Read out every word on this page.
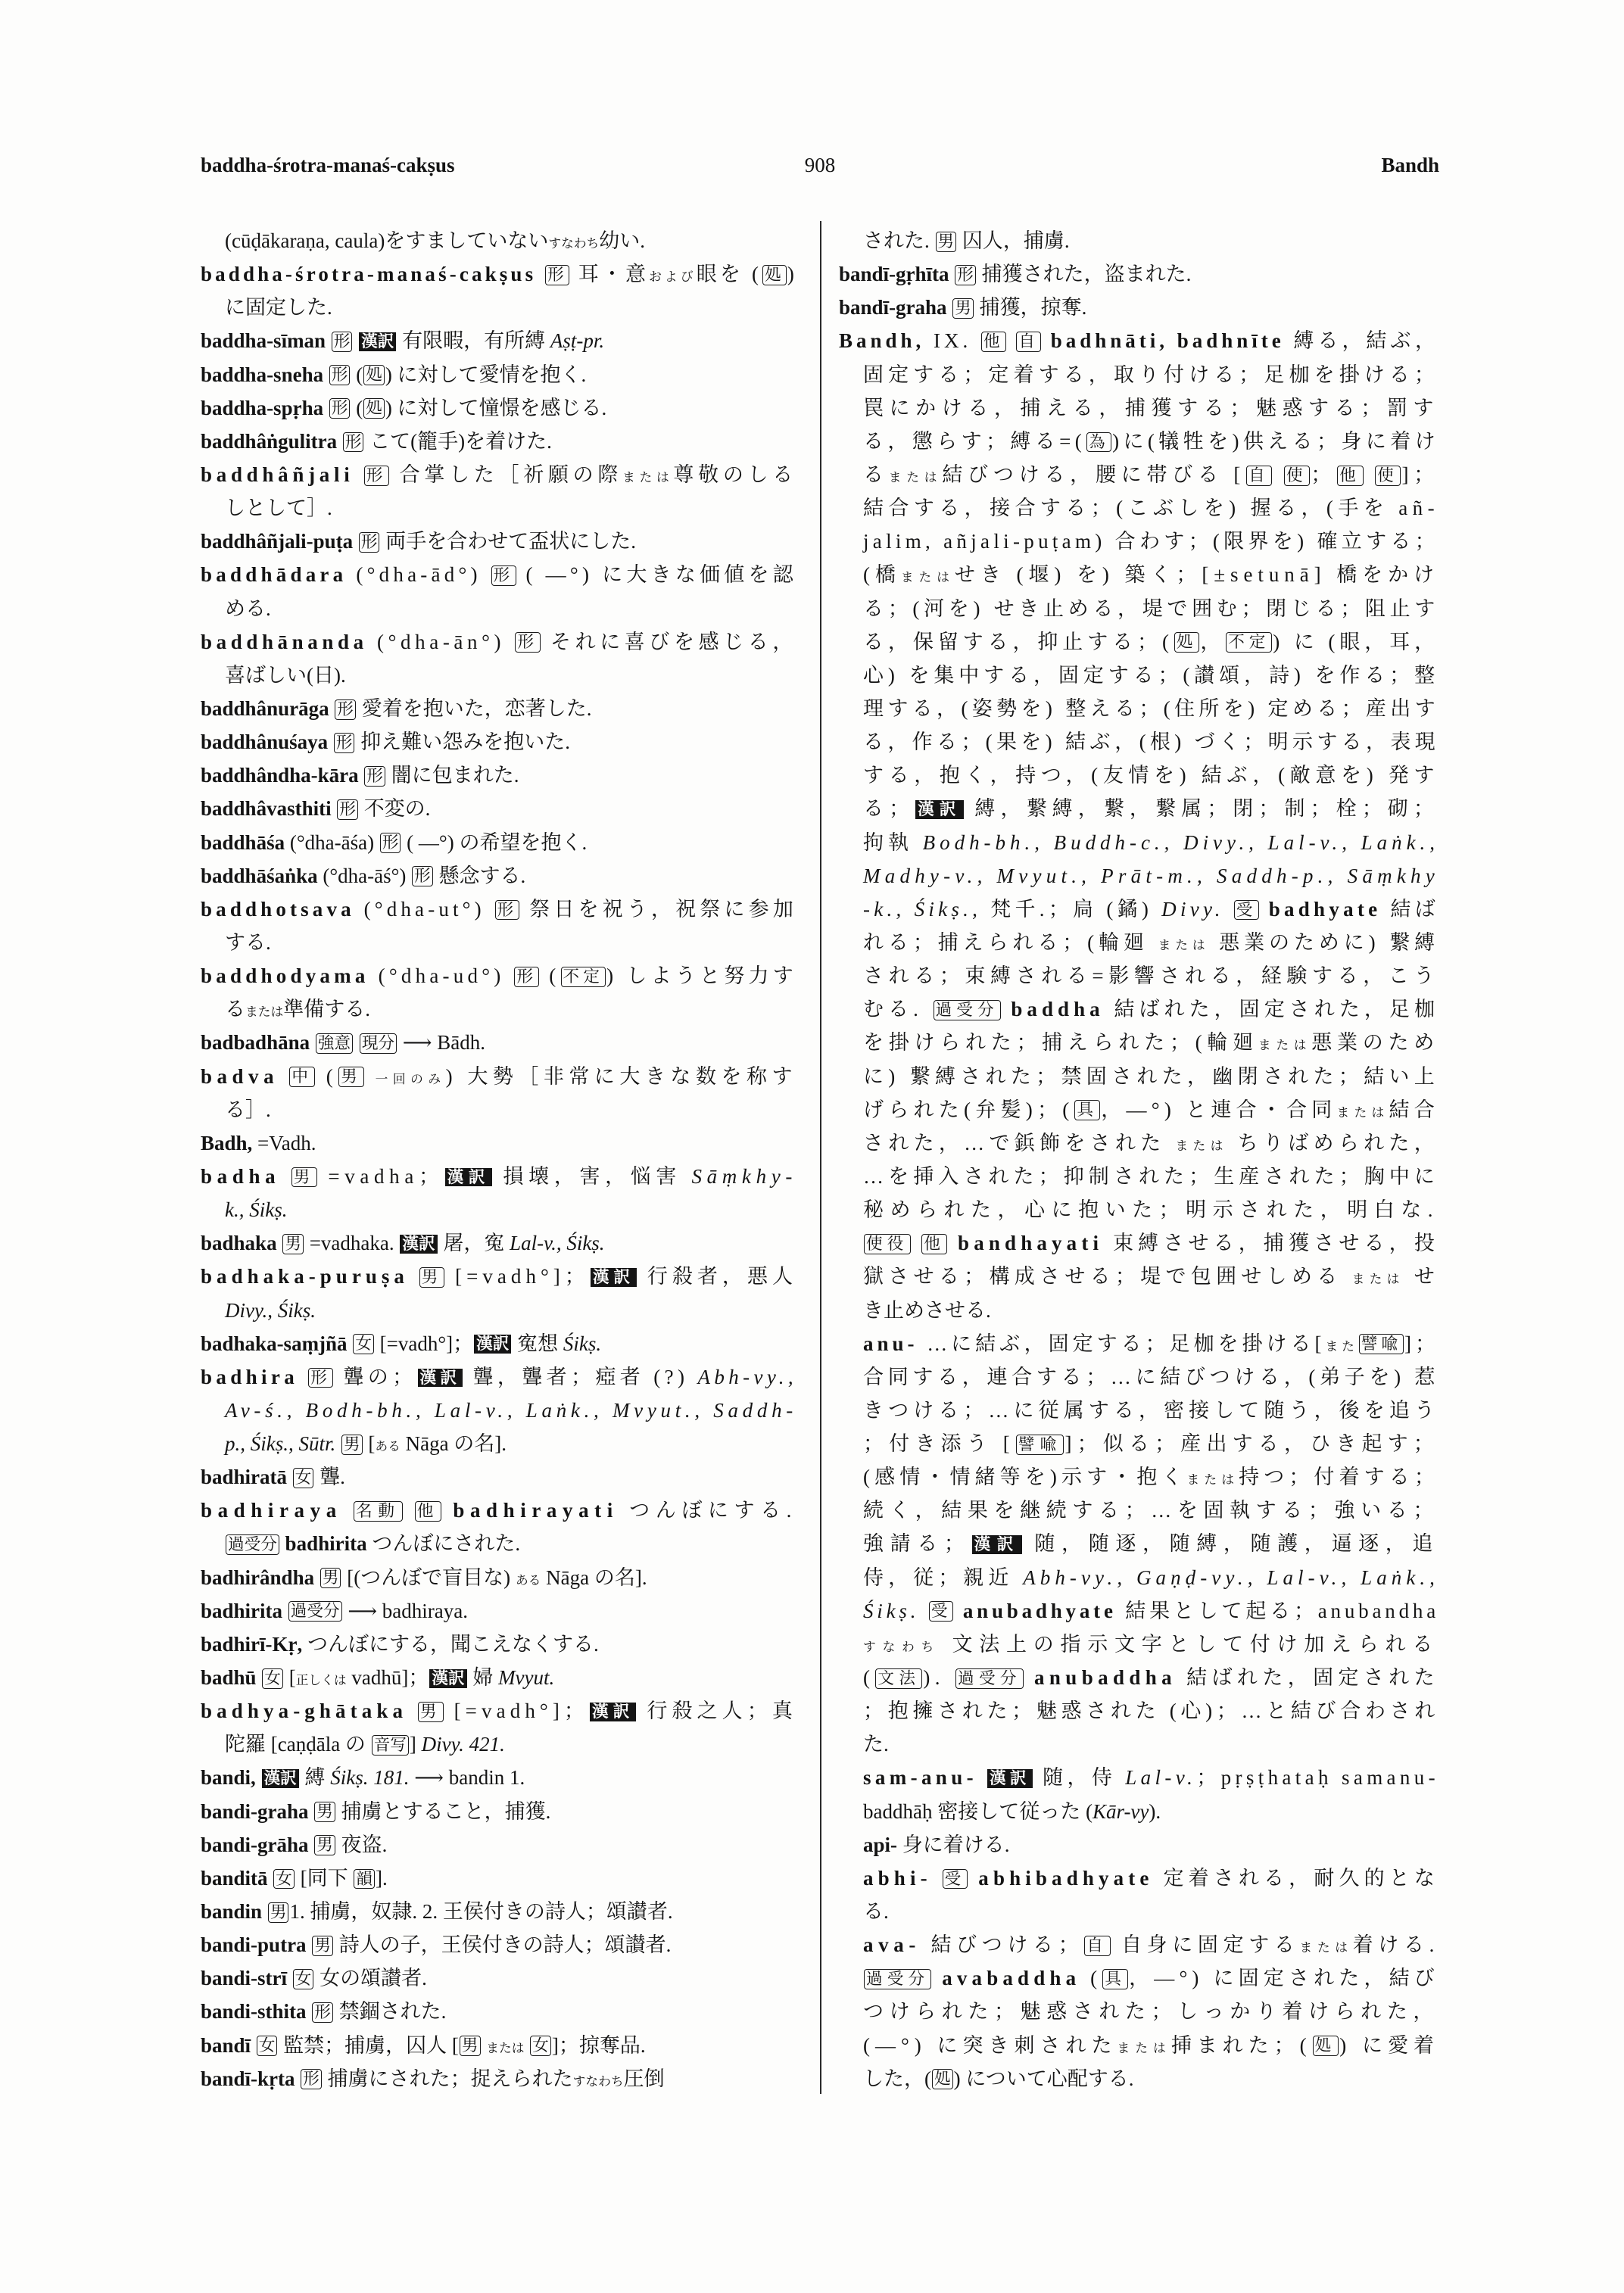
baddha-śrotra-manaś-cakṣus	908	Bandh
(cūḍākaraṇa, caula)をすましていないすなわち幼い.
baddha-śrotra-manaś-cakṣus 形 耳・意および眼を ( 処 )
に固定した.
baddha-sīman 形 漢訳 有限暇，有所縛 Aṣṭ-pr.
baddha-sneha 形 ( 処 ) に対して愛情を抱く.
baddha-spṛha 形 ( 処 ) に対して憧憬を感じる.
baddhâṅgulitra 形 こて(籠手)を着けた.
baddhâñjali 形 合掌した［祈願の際または尊敬のしる
しとして］.
baddhâñjali-puṭa 形 両手を合わせて盃状にした.
baddhādara (°dha-ād°) 形 ( ―°) に大きな価値を認
める.
baddhānanda (°dha-ān°) 形 それに喜びを感じる，
喜ばしい(日).
baddhânurāga 形 愛着を抱いた，恋著した.
baddhânuśaya 形 抑え難い怨みを抱いた.
baddhândha-kāra 形 闇に包まれた.
baddhâvasthiti 形 不変の.
baddhāśa (°dha-āśa) 形 ( ―°) の希望を抱く.
baddhāśaṅka (°dha-āś°) 形 懸念する.
baddhotsava (°dha-ut°) 形 祭日を祝う，祝祭に参加
する.
baddhodyama (°dha-ud°) 形 ( 不定 ) しようと努力す
るまたは準備する.
badbadhāna 強意 現分 ⟶ Bādh.
badva 中 ( 男 一回のみ) 大勢［非常に大きな数を称す
る］.
Badh, =Vadh.
badha 男 =vadha； 漢訳 損壊，害，悩害 Sāṃkhy-
k., Śikṣ.
badhaka 男 =vadhaka. 漢訳 屠，寃 Lal-v., Śikṣ.
badhaka-puruṣa 男 [=vadh°]； 漢訳 行殺者，悪人
Divy., Śikṣ.
badhaka-saṃjñā 女 [=vadh°]； 漢訳 寃想 Śikṣ.
badhira 形 聾の； 漢訳 聾，聾者；瘂者 (?) Abh-vy.,
Av-ś., Bodh-bh., Lal-v., Laṅk., Mvyut., Saddh-
p., Śikṣ., Sūtr. 男 [ある Nāga の名].
badhiratā 女 聾.
badhiraya 名動 他 badhirayati つんぼにする.
過受分 badhirita つんぼにされた.
badhirândha 男 [(つんぼで盲目な) ある Nāga の名].
badhirita 過受分 ⟶ badhiraya.
badhirī-Kṛ, つんぼにする，聞こえなくする.
badhū 女 [正しくは vadhū]； 漢訳 婦 Mvyut.
badhya-ghātaka 男 [=vadh°]； 漢訳 行殺之人；真
陀羅 [caṇḍāla の 音写 ] Divy. 421.
bandi, 漢訳 縛 Śikṣ. 181. ⟶ bandin 1.
bandi-graha 男 捕虜とすること，捕獲.
bandi-grāha 男 夜盗.
banditā 女 [同下 韻 ].
bandin 男 1. 捕虜，奴隷. 2. 王侯付きの詩人；頌讃者.
bandi-putra 男 詩人の子，王侯付きの詩人；頌讃者.
bandi-strī 女 女の頌讃者.
bandi-sthita 形 禁錮された.
bandī 女 監禁；捕虜，囚人 [ 男 または 女 ]；掠奪品.
bandī-kṛta 形 捕虜にされた；捉えられたすなわち圧倒
された. 男 囚人，捕虜.
bandī-gṛhīta 形 捕獲された，盗まれた.
bandī-graha 男 捕獲，掠奪.
Bandh, IX. 他 自 badhnāti, badhnīte 縛る，結ぶ，
固定する；定着する，取り付ける；足枷を掛ける；
罠にかける，捕える，捕獲する；魅惑する；罰す
る，懲らす；縛る=( 為 )に(犠牲を)供える；身に着け
るまたは結びつける，腰に帯びる [ 自 使 ； 他 使 ]；
結合する，接合する；(こぶしを) 握る，(手を añ-
jalim, añjali-puṭam) 合わす；(限界を) 確立する；
(橋またはせき (堰) を) 築く；[±setunā] 橋をかけ
る；(河を) せき止める，堤で囲む；閉じる；阻止す
る，保留する，抑止する；( 処 ， 不定 ) に (眼，耳，
心) を集中する，固定する；(讃頌，詩) を作る；整
理する，(姿勢を) 整える；(住所を) 定める；産出す
る，作る；(果を) 結ぶ，(根) づく；明示する，表現
する，抱く，持つ，(友情を) 結ぶ，(敵意を) 発す
る； 漢訳 縛，繋縛，繋，繋属；閉；制；栓；砌；
拘執 Bodh-bh., Buddh-c., Divy., Lal-v., Laṅk.,
Madhy-v., Mvyut., Prāt-m., Saddh-p., Sāṃkhy
-k., Śikṣ., 梵千.；扃 (鐍) Divy. 受 badhyate 結ば
れる；捕えられる；(輪廻 または 悪業のために) 繋縛
される；束縛される=影響される，経験する，こう
むる. 過受分 baddha 結ばれた，固定された，足枷
を掛けられた；捕えられた；(輪廻または悪業のため
に) 繋縛された；禁固された，幽閉された；結い上
げられた(弁髪)；( 具 ，―°) と連合・合同または結合
された，…で鋲飾をされた または ちりばめられた，
…を挿入された；抑制された；生産された；胸中に
秘められた，心に抱いた；明示された，明白な.
使役 他 bandhayati 束縛させる，捕獲させる，投
獄させる；構成させる；堤で包囲せしめる または せ
き止めさせる.
anu- …に結ぶ，固定する；足枷を掛ける[また 譬喩 ]；
合同する，連合する；…に結びつける，(弟子を) 惹
きつける；…に従属する，密接して随う，後を追う
；付き添う [ 譬喩 ]；似る；産出する，ひき起す；
(感情・情緒等を)示す・抱くまたは持つ；付着する；
続く，結果を継続する；…を固執する；強いる；
強請る； 漢訳 随，随逐，随縛，随護，逼逐，追
侍，従；親近 Abh-vy., Gaṇḍ-vy., Lal-v., Laṅk.,
Śikṣ. 受 anubadhyate 結果として起る；anubandha
すなわち 文法上の指示文字として付け加えられる
( 文法 ). 過受分 anubaddha 結ばれた，固定された
；抱擁された；魅惑された (心)；…と結び合わされ
た.
sam-anu- 漢訳 随，侍 Lal-v.；pṛṣṭhataḥ samanu-
baddhāḥ 密接して従った (Kār-vy).
api- 身に着ける.
abhi- 受 abhibadhyate 定着される，耐久的とな
る.
ava- 結びつける； 自 自身に固定するまたは着ける.
過受分 avabaddha ( 具 ，―°) に固定された，結び
つけられた；魅惑された；しっかり着けられた，
(―°) に突き刺されたまたは挿まれた；( 処 ) に愛着
した，( 処 ) について心配する.
